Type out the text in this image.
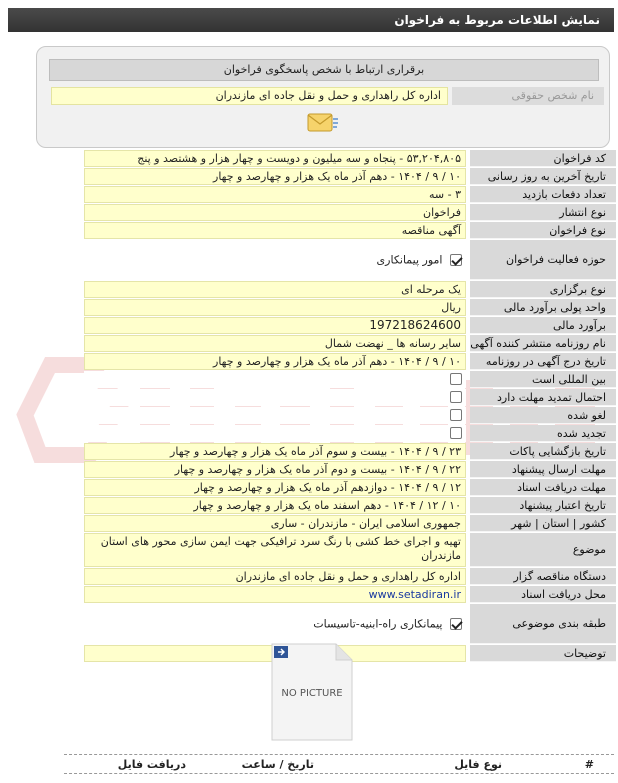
نمایش اطلاعات مربوط به فراخوان
برقراری ارتباط با شخص پاسخگوی فراخوان
نام شخص حقوقی
اداره کل راهداری و حمل و نقل جاده ای مازندران
کد فراخوان
۵۳,۲۰۴,۸۰۵ - پنجاه و سه میلیون و دویست و چهار هزار و هشتصد و پنج
تاریخ آخرین به روز رسانی
۱۰ / ۹ / ۱۴۰۴ - دهم آذر ماه یک هزار و چهارصد و چهار
تعداد دفعات بازدید
۳ - سه
نوع انتشار
فراخوان
نوع فراخوان
آگهی مناقصه
حوزه فعالیت فراخوان
امور پیمانکاری
نوع برگزاری
یک مرحله ای
واحد پولی برآورد مالی
ریال
برآورد مالی
197218624600
نام روزنامه منتشر کننده آگهی
سایر رسانه ها _ نهضت شمال
تاریخ درج آگهی در روزنامه
۱۰ / ۹ / ۱۴۰۴ - دهم آذر ماه یک هزار و چهارصد و چهار
بین المللی است
احتمال تمدید مهلت دارد
لغو شده
تجدید شده
تاریخ بازگشایی پاکات
۲۳ / ۹ / ۱۴۰۴ - بیست و سوم آذر ماه یک هزار و چهارصد و چهار
مهلت ارسال پیشنهاد
۲۲ / ۹ / ۱۴۰۴ - بیست و دوم آذر ماه یک هزار و چهارصد و چهار
مهلت دریافت اسناد
۱۲ / ۹ / ۱۴۰۴ - دوازدهم آذر ماه یک هزار و چهارصد و چهار
تاریخ اعتبار پیشنهاد
۱۰ / ۱۲ / ۱۴۰۴ - دهم اسفند ماه یک هزار و چهارصد و چهار
کشور | استان | شهر
جمهوری اسلامی ایران - مازندران - ساری
موضوع
تهیه و اجرای خط کشی با رنگ سرد ترافیکی جهت ایمن سازی محور های استان مازندران
دستگاه مناقصه گزار
اداره کل راهداری و حمل و نقل جاده ای مازندران
محل دریافت اسناد
www.setadiran.ir
طبقه بندی موضوعی
پیمانکاری راه-ابنیه-تاسیسات
توضیحات
NO PICTURE
#
نوع فایل
تاریخ / ساعت
دریافت فایل
